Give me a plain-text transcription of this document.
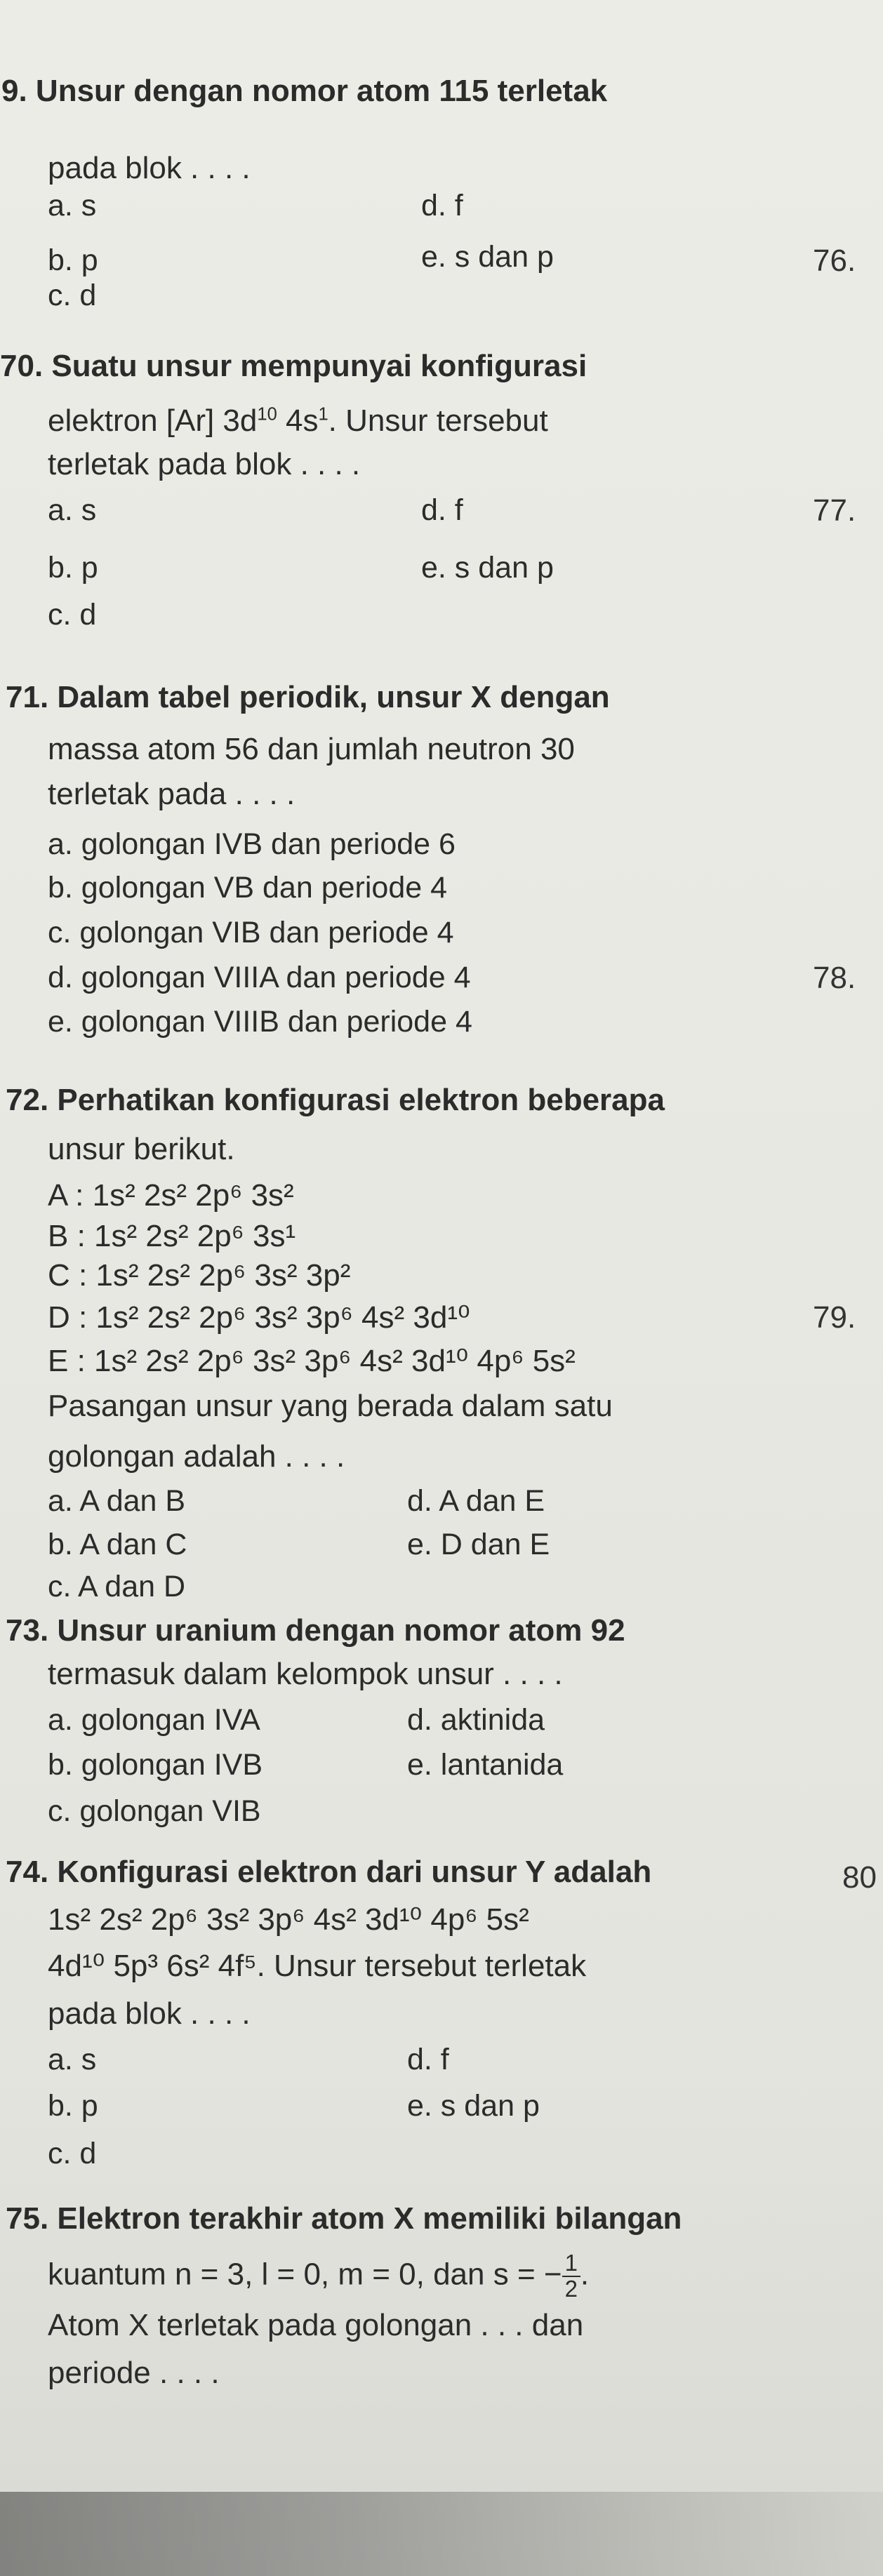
9. Unsur dengan nomor atom 115 terletak
pada blok . . . .
a. s	d. f
b. p	e. s dan p
c. d
70. Suatu unsur mempunyai konfigurasi
elektron [Ar] $3d^{10}$ $4s^1$. Unsur tersebut
terletak pada blok . . . .
a. s	d. f
b. p	e. s dan p
c. d
71. Dalam tabel periodik, unsur X dengan
massa atom 56 dan jumlah neutron 30
terletak pada . . . .
a. golongan IVB dan periode 6
b. golongan VB dan periode 4
c. golongan VIB dan periode 4
d. golongan VIIIA dan periode 4
e. golongan VIIIB dan periode 4
72. Perhatikan konfigurasi elektron beberapa
unsur berikut.
A : 1s² 2s² 2p⁶ 3s²
B : 1s² 2s² 2p⁶ 3s¹
C : 1s² 2s² 2p⁶ 3s² 3p²
D : 1s² 2s² 2p⁶ 3s² 3p⁶ 4s² 3d¹⁰
E : 1s² 2s² 2p⁶ 3s² 3p⁶ 4s² 3d¹⁰ 4p⁶ 5s²
Pasangan unsur yang berada dalam satu
golongan adalah . . . .
a. A dan B	d. A dan E
b. A dan C	e. D dan E
c. A dan D
73. Unsur uranium dengan nomor atom 92
termasuk dalam kelompok unsur . . . .
a. golongan IVA	d. aktinida
b. golongan IVB	e. lantanida
c. golongan VIB
74. Konfigurasi elektron dari unsur Y adalah
1s² 2s² 2p⁶ 3s² 3p⁶ 4s² 3d¹⁰ 4p⁶ 5s²
4d¹⁰ 5p³ 6s² 4f⁵. Unsur tersebut terletak
pada blok . . . .
a. s	d. f
b. p	e. s dan p
c. d
75. Elektron terakhir atom X memiliki bilangan
kuantum n = 3, l = 0, m = 0, dan s = − $\frac{1}{2}$ .
Atom X terletak pada golongan . . . dan
periode . . . .
76.
77.
78.
79.
80
